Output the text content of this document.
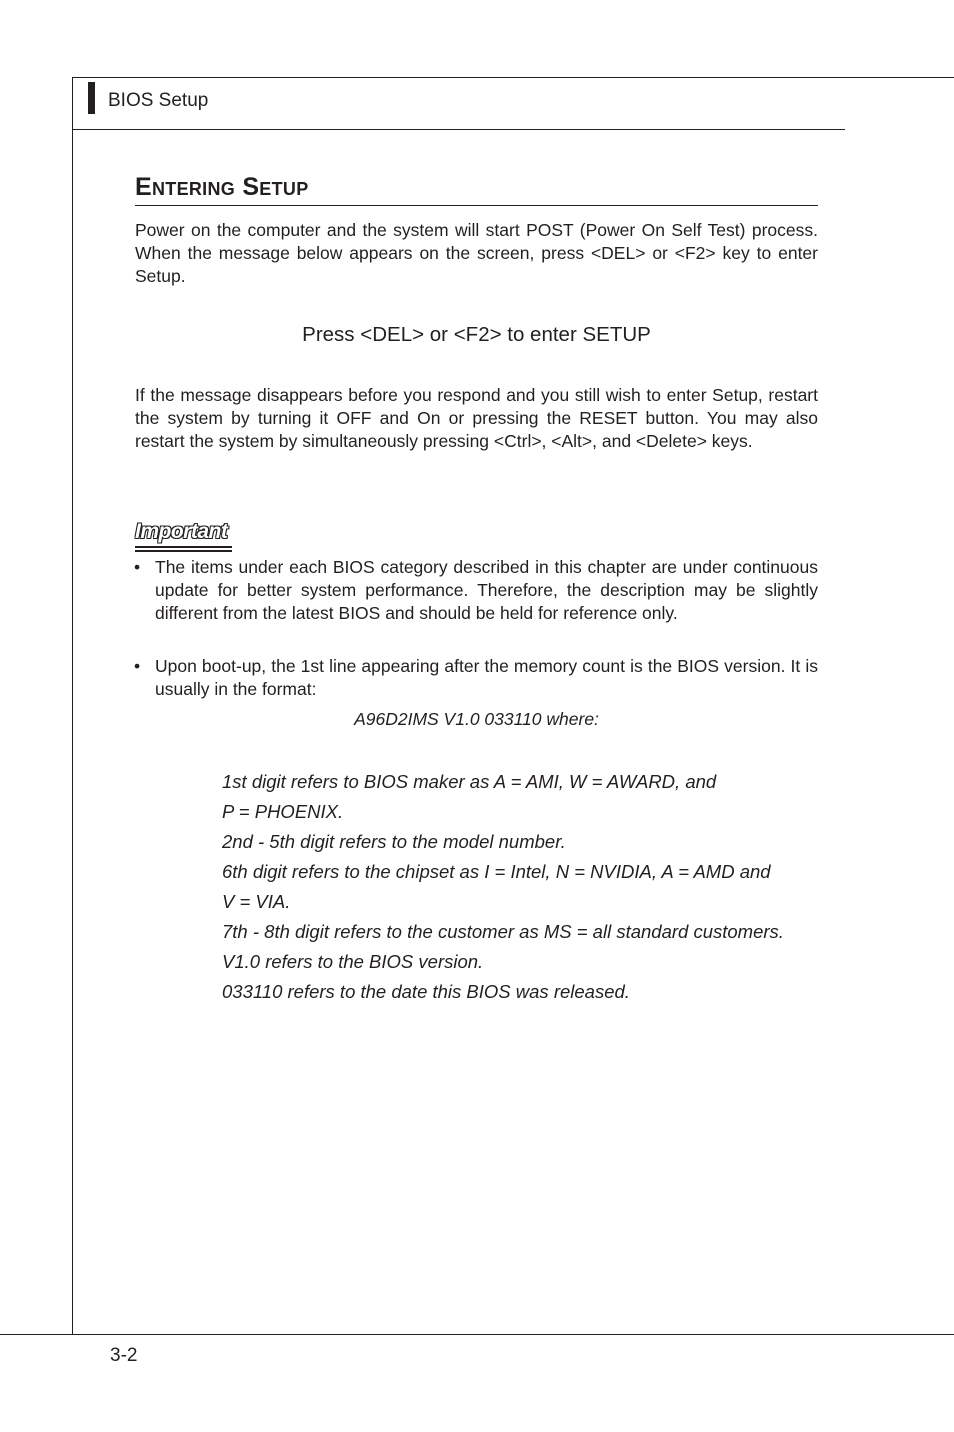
BIOS Setup
Entering Setup

Power on the computer and the system will start POST (Power On Self Test) process. When the message below appears on the screen, press <DEL> or <F2> key to enter Setup.

Press <DEL> or <F2> to enter SETUP

If the message disappears before you respond and you still wish to enter Setup, restart the system by turning it OFF and On or pressing the RESET button. You may also restart the system by simultaneously pressing <Ctrl>, <Alt>, and <Delete> keys.

Important
• The items under each BIOS category described in this chapter are under continuous update for better system performance. Therefore, the description may be slightly different from the latest BIOS and should be held for reference only.

• Upon boot-up, the 1st line appearing after the memory count is the BIOS version. It is usually in the format:

A96D2IMS V1.0 033110 where:
1st digit refers to BIOS maker as A = AMI, W = AWARD, and
P = PHOENIX.
2nd - 5th digit refers to the model number.
6th digit refers to the chipset as I = Intel, N = NVIDIA, A = AMD and
V = VIA.
7th - 8th digit refers to the customer as MS = all standard customers.
V1.0 refers to the BIOS version.
033110 refers to the date this BIOS was released.
3-2
